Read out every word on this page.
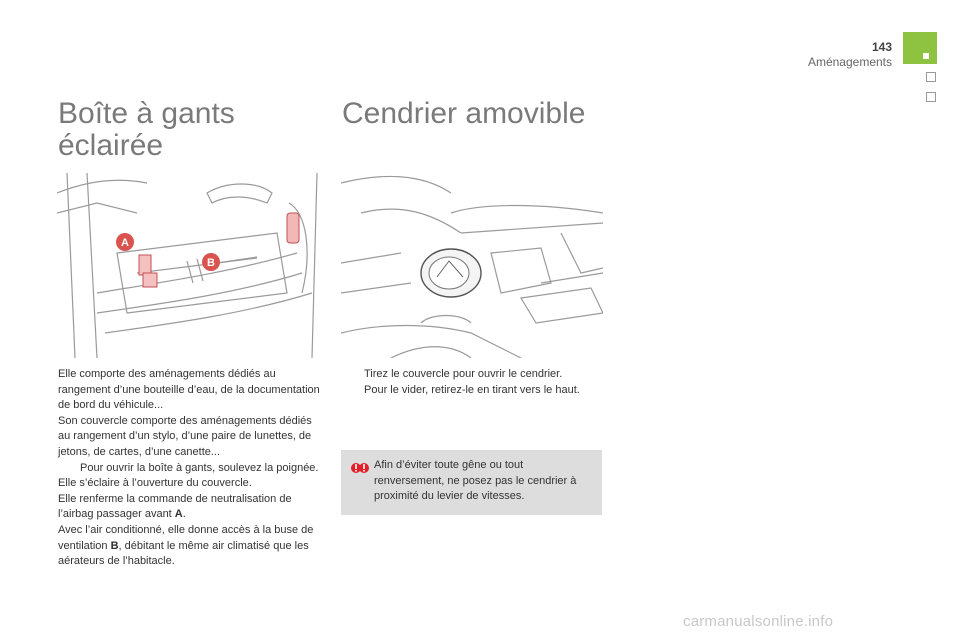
143
Aménagements
Boîte à gants
éclairée
Cendrier amovible
A
B

Elle comporte des aménagements dédiés au rangement d’une bouteille d’eau, de la documentation de bord du véhicule...

Son couvercle comporte des aménagements dédiés au rangement d’un stylo, d’une paire de lunettes, de jetons, de cartes, d’une canette...

Pour ouvrir la boîte à gants, soulevez la poignée.

Elle s’éclaire à l’ouverture du couvercle.

Elle renferme la commande de neutralisation de l’airbag passager avant A.

Avec l’air conditionné, elle donne accès à la buse de ventilation B, débitant le même air climatisé que les aérateurs de l’habitacle.

Tirez le couvercle pour ouvrir le cendrier.

Pour le vider, retirez-le en tirant vers le haut.

Afin d’éviter toute gêne ou tout renversement, ne posez pas le cendrier à proximité du levier de vitesses.
carmanualsonline.info
